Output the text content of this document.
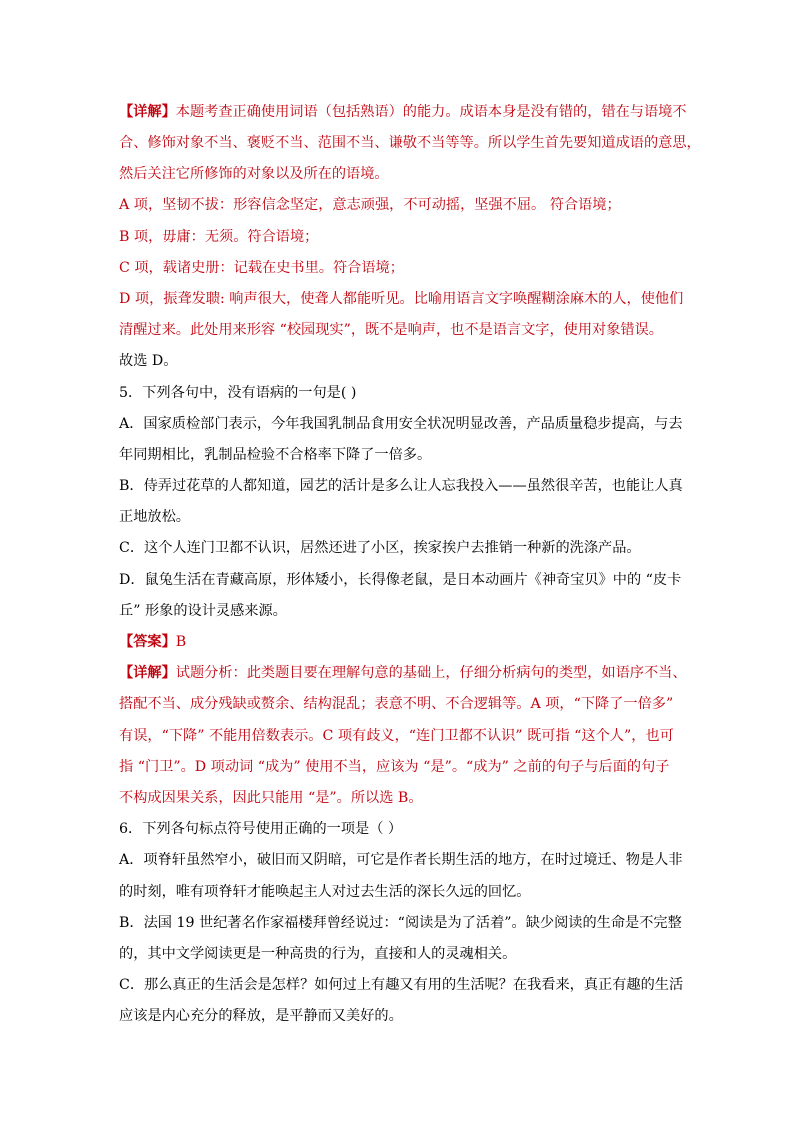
【详解】本题考查正确使用词语（包括熟语）的能力。成语本身是没有错的，错在与语境不
合、修饰对象不当、褒贬不当、范围不当、谦敬不当等等。所以学生首先要知道成语的意思，
然后关注它所修饰的对象以及所在的语境。
A 项，坚韧不拔：形容信念坚定，意志顽强，不可动摇，坚强不屈。 符合语境；
B 项，毋庸：无须。符合语境；
C 项，载诸史册：记载在史书里。符合语境；
D 项，振聋发聩: 响声很大，使聋人都能听见。比喻用语言文字唤醒糊涂麻木的人，使他们
清醒过来。此处用来形容 “校园现实”，既不是响声，也不是语言文字，使用对象错误。
故选 D。
5．下列各句中，没有语病的一句是( )
A．国家质检部门表示，今年我国乳制品食用安全状况明显改善，产品质量稳步提高，与去
年同期相比，乳制品检验不合格率下降了一倍多。
B．侍弄过花草的人都知道，园艺的活计是多么让人忘我投入——虽然很辛苦，也能让人真
正地放松。
C．这个人连门卫都不认识，居然还进了小区，挨家挨户去推销一种新的洗涤产品。
D．鼠兔生活在青藏高原，形体矮小，长得像老鼠，是日本动画片《神奇宝贝》中的 “皮卡
丘” 形象的设计灵感来源。
【答案】B
【详解】试题分析：此类题目要在理解句意的基础上，仔细分析病句的类型，如语序不当、
搭配不当、成分残缺或赘余、结构混乱；表意不明、不合逻辑等。A 项，“下降了一倍多”
有误，“下降” 不能用倍数表示。C 项有歧义，“连门卫都不认识” 既可指 “这个人”，也可
指 “门卫”。D 项动词 “成为” 使用不当，应该为 “是”。“成为” 之前的句子与后面的句子
不构成因果关系，因此只能用 “是”。所以选 B。
6．下列各句标点符号使用正确的一项是（ ）
A．项脊轩虽然窄小，破旧而又阴暗，可它是作者长期生活的地方，在时过境迁、物是人非
的时刻，唯有项脊轩才能唤起主人对过去生活的深长久远的回忆。
B．法国 19 世纪著名作家福楼拜曾经说过：“阅读是为了活着”。缺少阅读的生命是不完整
的，其中文学阅读更是一种高贵的行为，直接和人的灵魂相关。
C．那么真正的生活会是怎样？如何过上有趣又有用的生活呢？在我看来，真正有趣的生活
应该是内心充分的释放，是平静而又美好的。
